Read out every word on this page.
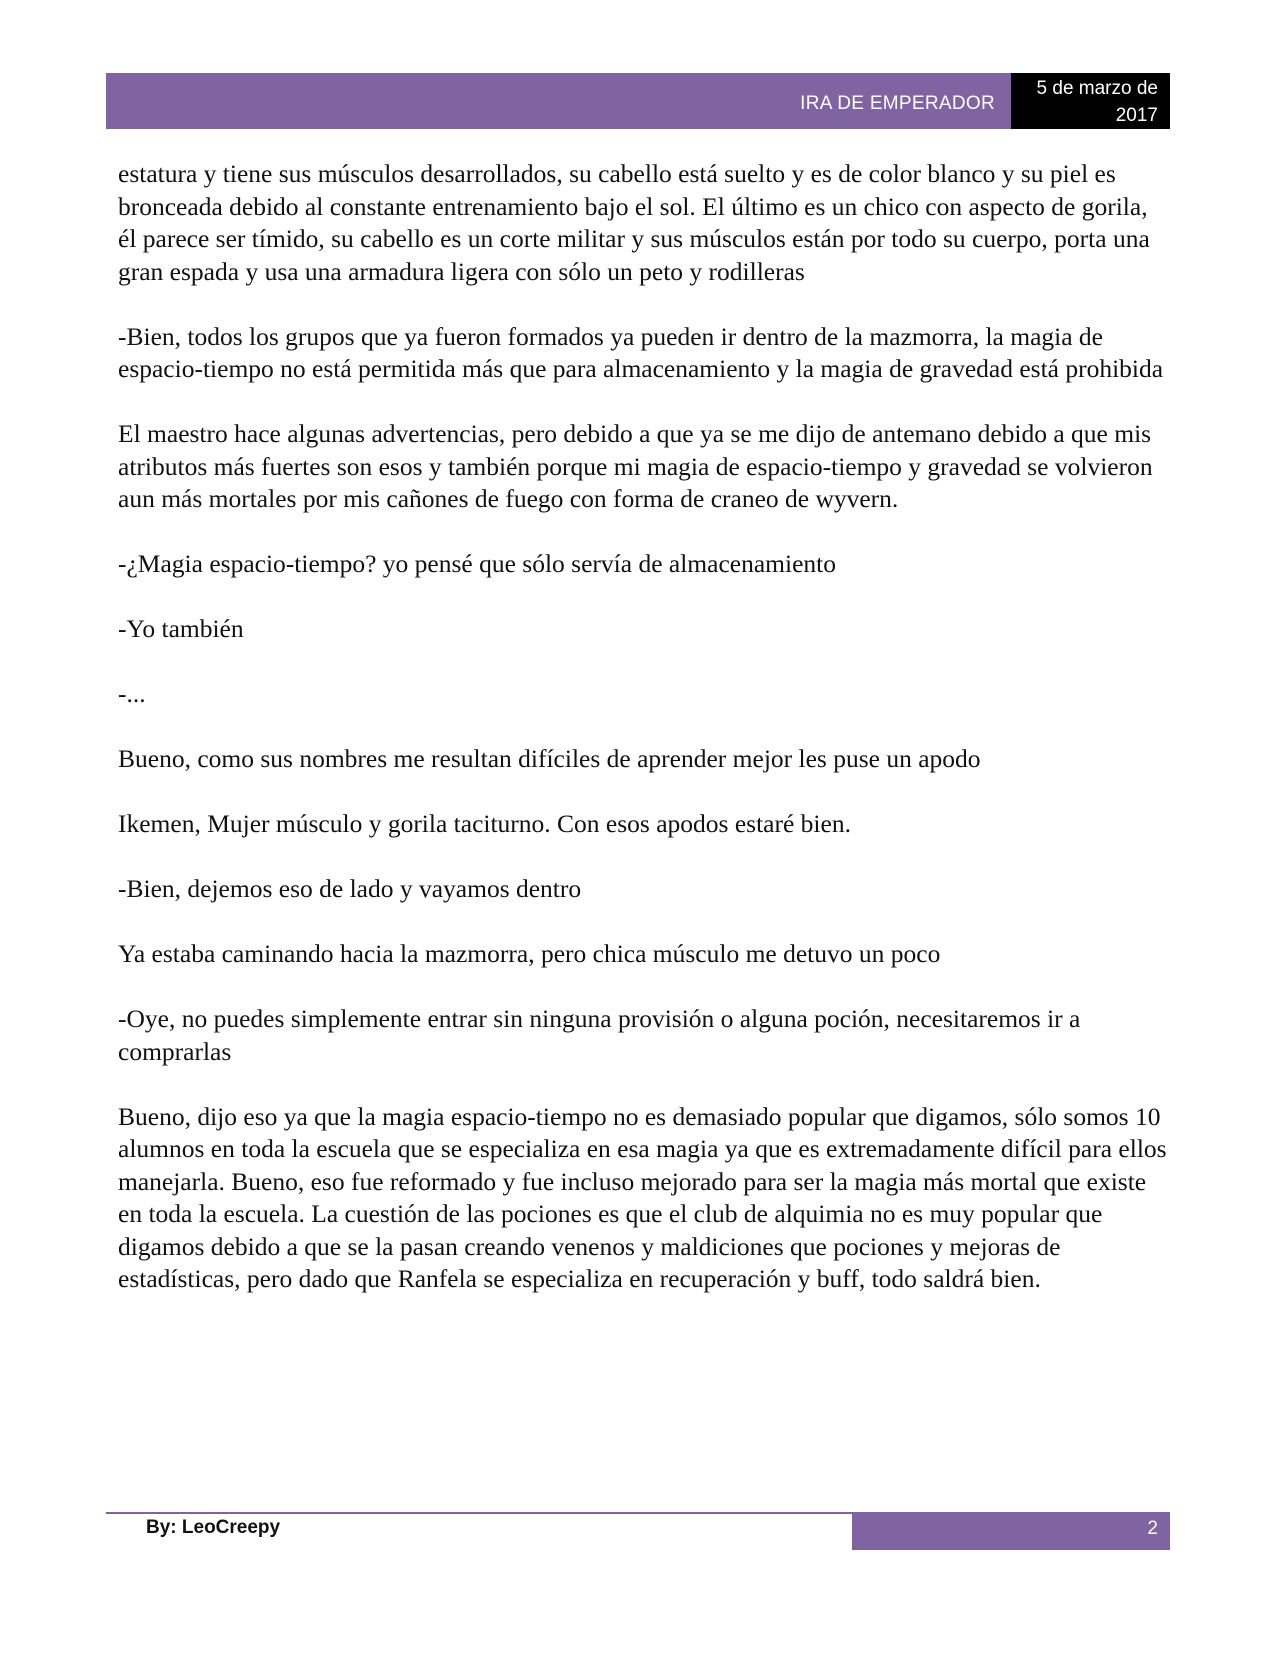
IRA DE EMPERADOR
5 de marzo de
2017

estatura y tiene sus músculos desarrollados, su cabello está suelto y es de color blanco y su piel es bronceada debido al constante entrenamiento bajo el sol. El último es un chico con aspecto de gorila, él parece ser tímido, su cabello es un corte militar y sus músculos están por todo su cuerpo, porta una gran espada y usa una armadura ligera con sólo un peto y rodilleras

-Bien, todos los grupos que ya fueron formados ya pueden ir dentro de la mazmorra, la magia de espacio-tiempo no está permitida más que para almacenamiento y la magia de gravedad está prohibida

El maestro hace algunas advertencias, pero debido a que ya se me dijo de antemano debido a que mis atributos más fuertes son esos y también porque mi magia de espacio-tiempo y gravedad se volvieron aun más mortales por mis cañones de fuego con forma de craneo de wyvern.

-¿Magia espacio-tiempo? yo pensé que sólo servía de almacenamiento

-Yo también

-...

Bueno, como sus nombres me resultan difíciles de aprender mejor les puse un apodo

Ikemen, Mujer músculo y gorila taciturno. Con esos apodos estaré bien.

-Bien, dejemos eso de lado y vayamos dentro

Ya estaba caminando hacia la mazmorra, pero chica músculo me detuvo un poco

-Oye, no puedes simplemente entrar sin ninguna provisión o alguna poción, necesitaremos ir a comprarlas

Bueno, dijo eso ya que la magia espacio-tiempo no es demasiado popular que digamos, sólo somos 10 alumnos en toda la escuela que se especializa en esa magia ya que es extremadamente difícil para ellos manejarla. Bueno, eso fue reformado y fue incluso mejorado para ser la magia más mortal que existe en toda la escuela. La cuestión de las pociones es que el club de alquimia no es muy popular que digamos debido a que se la pasan creando venenos y maldiciones que pociones y mejoras de estadísticas, pero dado que Ranfela se especializa en recuperación y buff, todo saldrá bien.

By: LeoCreepy	2
